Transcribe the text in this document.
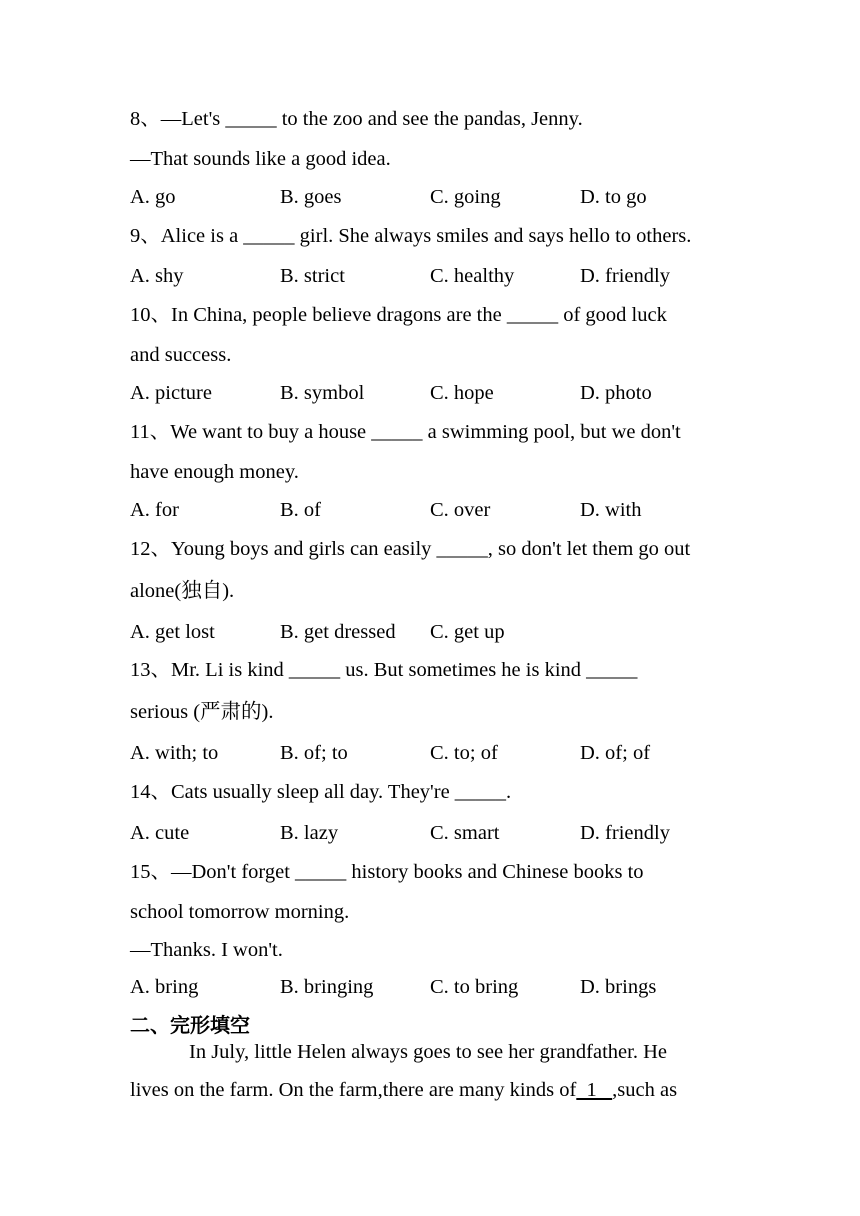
8、—Let's _____ to the zoo and see the pandas, Jenny.
—That sounds like a good idea.
A. go	B. goes	C. going	D. to go
9、Alice is a _____ girl. She always smiles and says hello to others.
A. shy	B. strict	C. healthy	D. friendly
10、In China, people believe dragons are the _____ of good luck
and success.
A. picture	B. symbol	C. hope	D. photo
11、We want to buy a house _____ a swimming pool, but we don't
have enough money.
A. for	B. of	C. over	D. with
12、Young boys and girls can easily _____, so don't let them go out
alone(独自).
A. get lost	B. get dressed C. get up
13、Mr. Li is kind _____ us. But sometimes he is kind _____
serious (严肃的).
A. with; to	B. of; to	C. to; of	D. of; of
14、Cats usually sleep all day. They're _____.
A. cute	B. lazy	C. smart	D. friendly
15、—Don't forget _____ history books and Chinese books to
school tomorrow morning.
—Thanks. I won't.
A. bring	B. bringing	C. to bring	D. brings
二、完形填空
In July, little Helen always goes to see her grandfather. He
lives on the farm. On the farm,there are many kinds of  1   ,such as
